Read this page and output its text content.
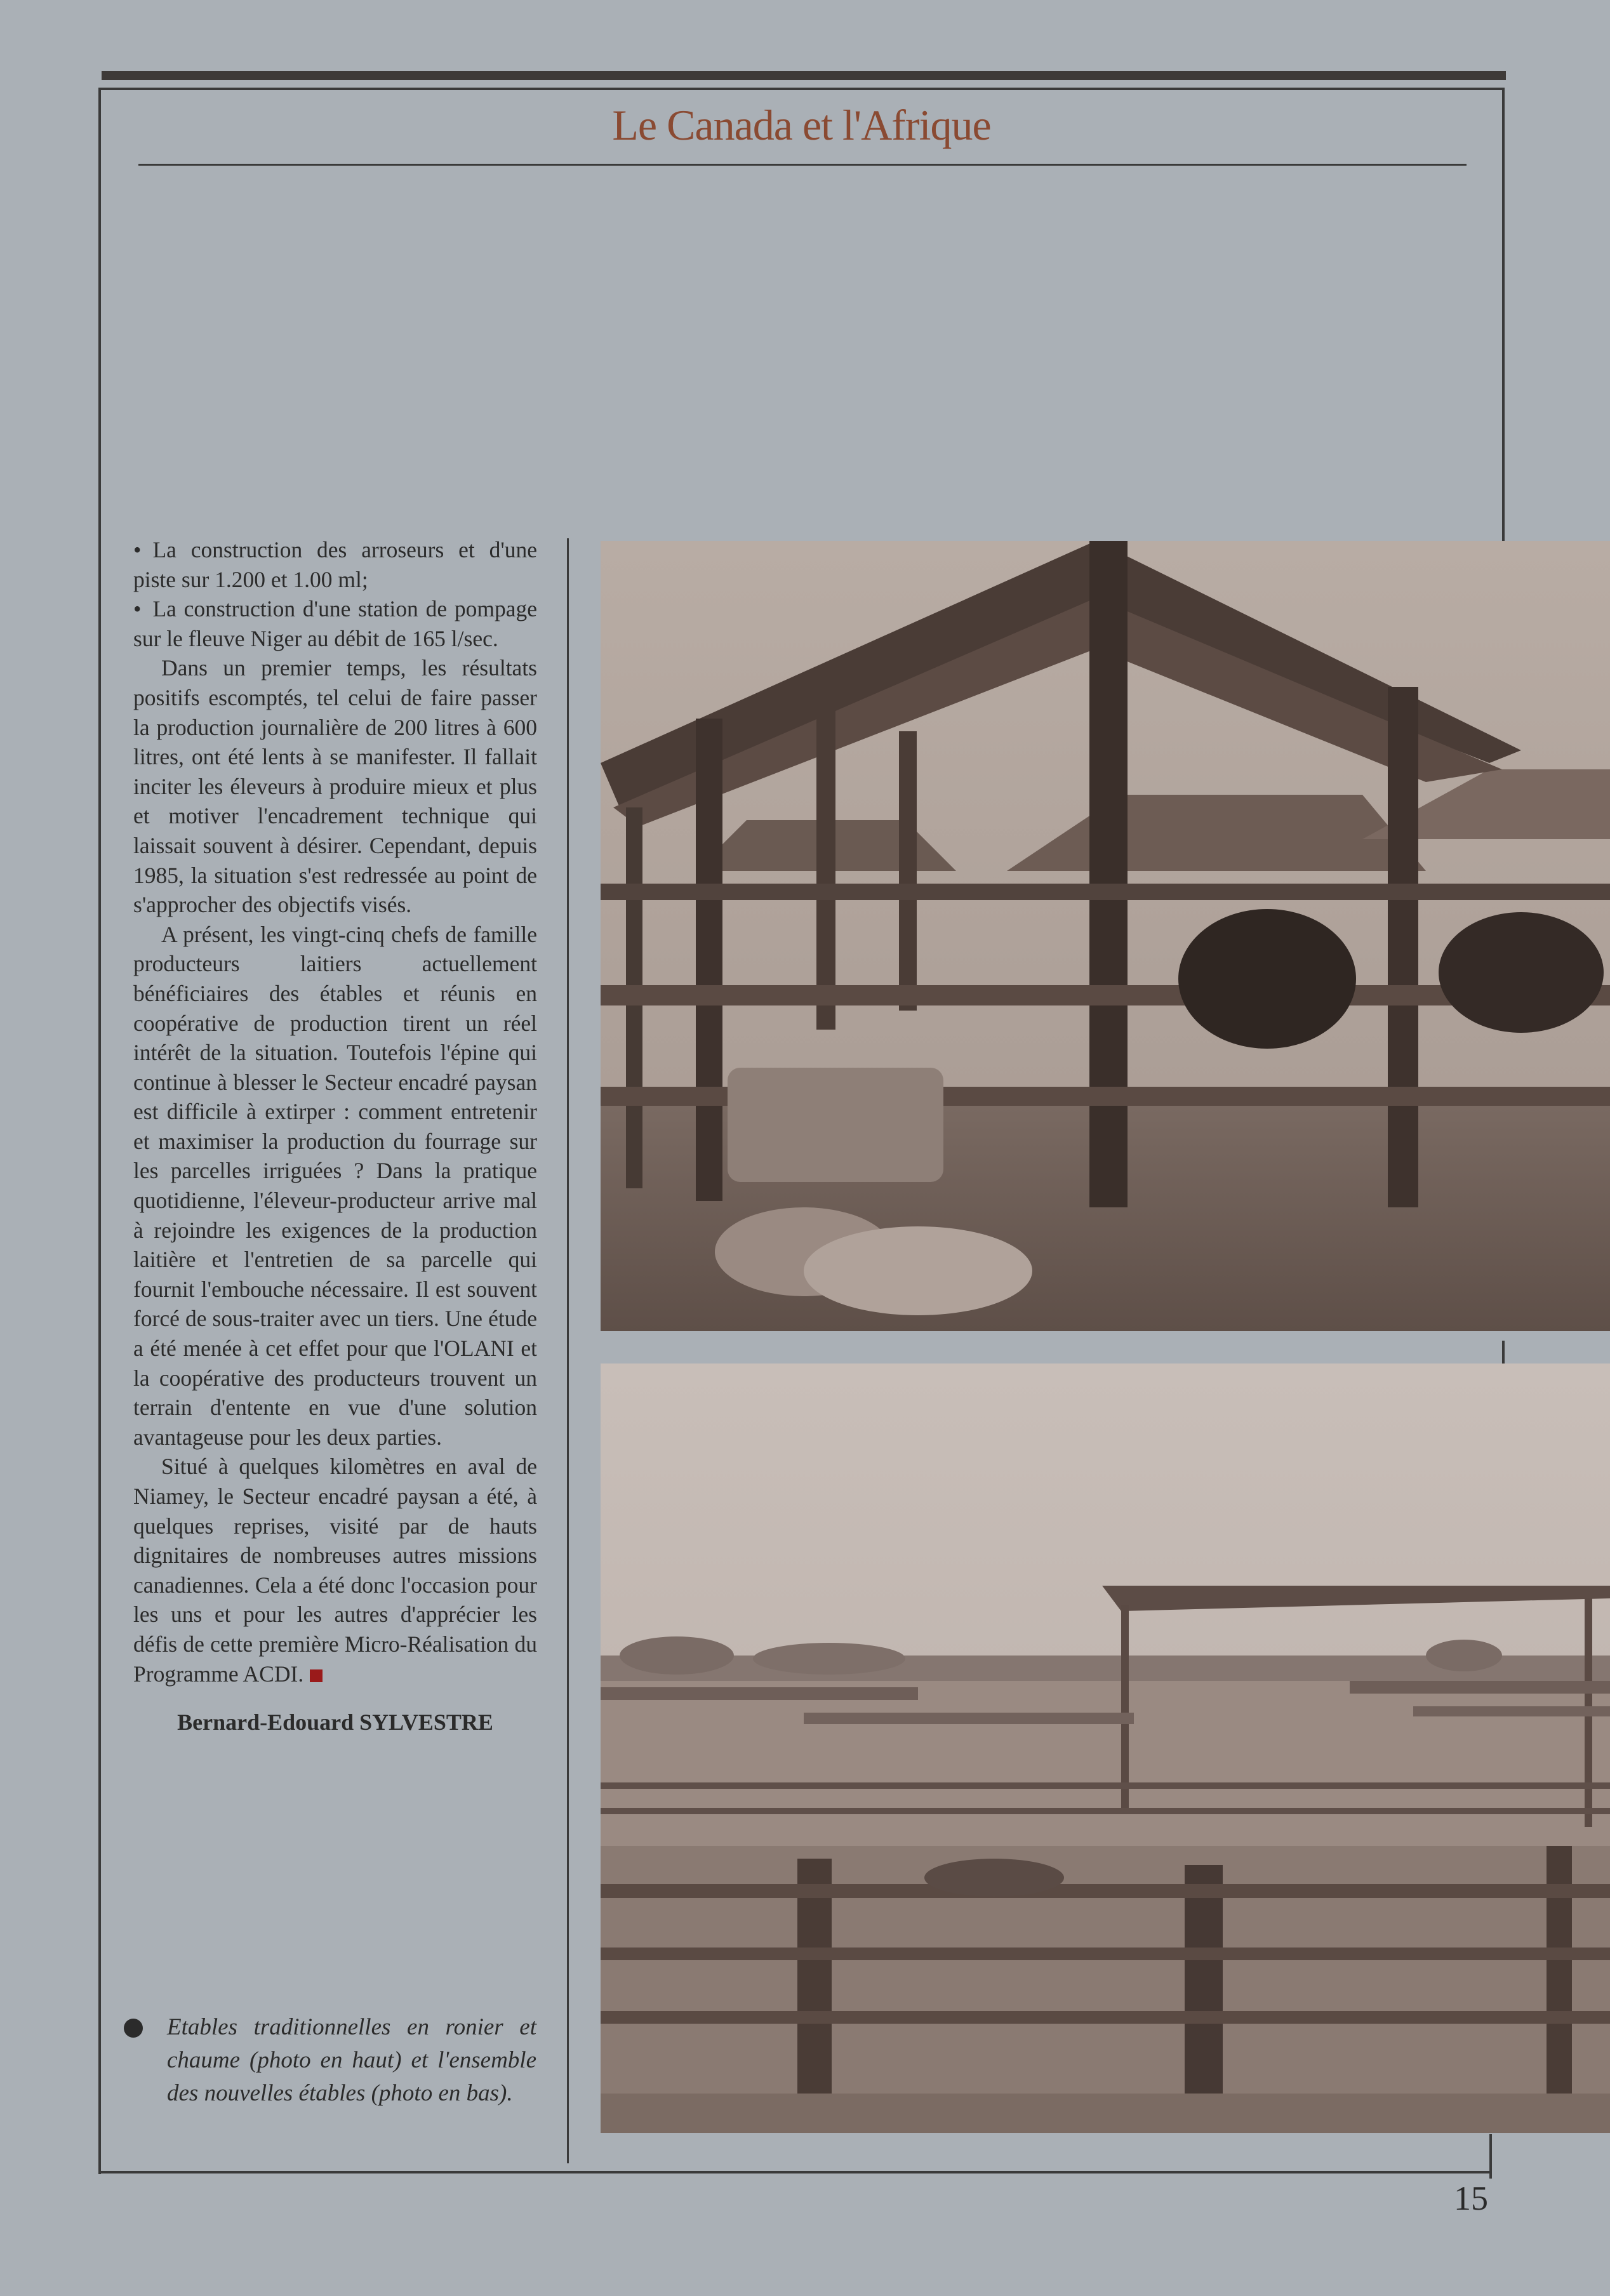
Le Canada et l'Afrique

• La construction des arroseurs et d'une piste sur 1.200 et 1.00 ml;

• La construction d'une station de pompage sur le fleuve Niger au débit de 165 l/sec.

Dans un premier temps, les résultats positifs escomptés, tel celui de faire passer la production journalière de 200 litres à 600 litres, ont été lents à se manifester. Il fallait inciter les éleveurs à produire mieux et plus et motiver l'encadrement technique qui laissait souvent à désirer. Cependant, depuis 1985, la situation s'est redressée au point de s'approcher des objectifs visés.

A présent, les vingt-cinq chefs de famille producteurs laitiers actuellement bénéficiaires des étables et réunis en coopérative de production tirent un réel intérêt de la situation. Toutefois l'épine qui continue à blesser le Secteur encadré paysan est difficile à extirper : comment entretenir et maximiser la production du fourrage sur les parcelles irriguées ? Dans la pratique quotidienne, l'éleveur-producteur arrive mal à rejoindre les exigences de la production laitière et l'entretien de sa parcelle qui fournit l'embouche nécessaire. Il est souvent forcé de sous-traiter avec un tiers. Une étude a été menée à cet effet pour que l'OLANI et la coopérative des producteurs trouvent un terrain d'entente en vue d'une solution avantageuse pour les deux parties.

Situé à quelques kilomètres en aval de Niamey, le Secteur encadré paysan a été, à quelques reprises, visité par de hauts dignitaires de nombreuses autres missions canadiennes. Cela a été donc l'occasion pour les uns et pour les autres d'apprécier les défis de cette première Micro-Réalisation du Programme ACDI.

Bernard-Edouard SYLVESTRE
Etables traditionnelles en ronier et chaume (photo en haut) et l'ensemble des nouvelles étables (photo en bas).
15
